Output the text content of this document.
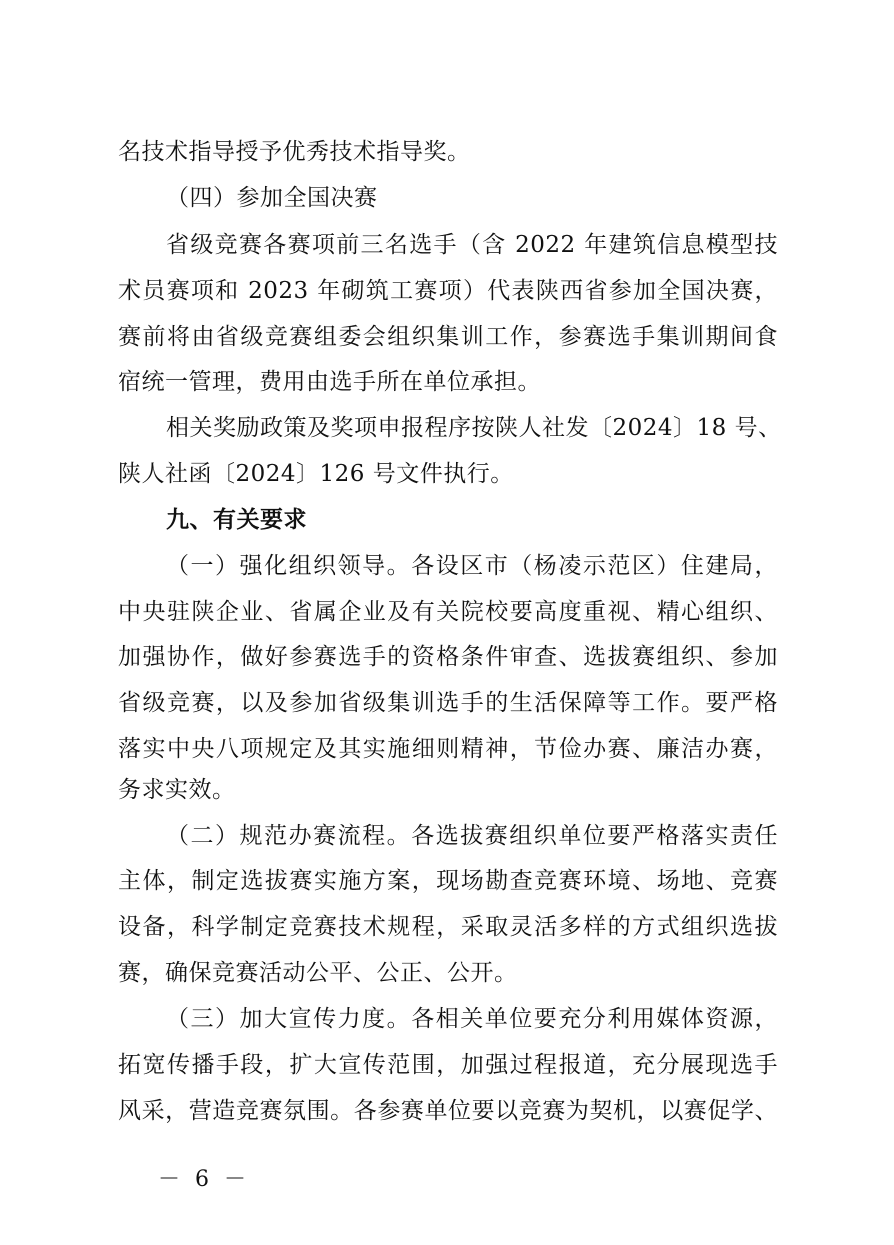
名技术指导授予优秀技术指导奖。
（四）参加全国决赛
省级竞赛各赛项前三名选手（含 2022 年建筑信息模型技
术员赛项和 2023 年砌筑工赛项）代表陕西省参加全国决赛，
赛前将由省级竞赛组委会组织集训工作，参赛选手集训期间食
宿统一管理，费用由选手所在单位承担。
相关奖励政策及奖项申报程序按陕人社发〔2024〕18 号、
陕人社函〔2024〕126 号文件执行。
九、有关要求
（一）强化组织领导。各设区市（杨凌示范区）住建局，
中央驻陕企业、省属企业及有关院校要高度重视、精心组织、
加强协作，做好参赛选手的资格条件审查、选拔赛组织、参加
省级竞赛，以及参加省级集训选手的生活保障等工作。要严格
落实中央八项规定及其实施细则精神，节俭办赛、廉洁办赛，
务求实效。
（二）规范办赛流程。各选拔赛组织单位要严格落实责任
主体，制定选拔赛实施方案，现场勘查竞赛环境、场地、竞赛
设备，科学制定竞赛技术规程，采取灵活多样的方式组织选拔
赛，确保竞赛活动公平、公正、公开。
（三）加大宣传力度。各相关单位要充分利用媒体资源，
拓宽传播手段，扩大宣传范围，加强过程报道，充分展现选手
风采，营造竞赛氛围。各参赛单位要以竞赛为契机，以赛促学、
－ 6 －
